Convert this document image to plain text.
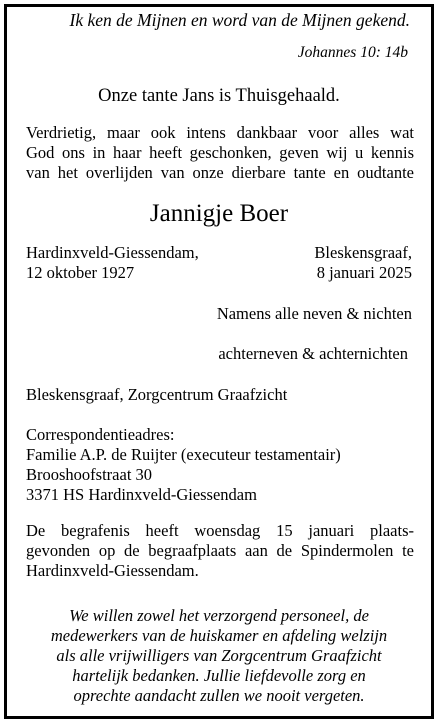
Ik ken de Mijnen en word van de Mijnen gekend.
Johannes 10: 14b
Onze tante Jans is Thuisgehaald.
Verdrietig, maar ook intens dankbaar voor alles wat
God ons in haar heeft geschonken, geven wij u kennis
van het overlijden van onze dierbare tante en oudtante
Jannigje Boer
Hardinxveld-Giessendam,
12 oktober 1927
Bleskensgraaf,
8 januari 2025
Namens alle neven & nichten
achterneven & achternichten
Bleskensgraaf, Zorgcentrum Graafzicht
Correspondentieadres:
Familie A.P. de Ruijter (executeur testamentair)
Brooshoofstraat 30
3371 HS Hardinxveld-Giessendam
De begrafenis heeft woensdag 15 januari plaats-
gevonden op de begraafplaats aan de Spindermolen te
Hardinxveld-Giessendam.
We willen zowel het verzorgend personeel, de
medewerkers van de huiskamer en afdeling welzijn
als alle vrijwilligers van Zorgcentrum Graafzicht
hartelijk bedanken. Jullie liefdevolle zorg en
oprechte aandacht zullen we nooit vergeten.
